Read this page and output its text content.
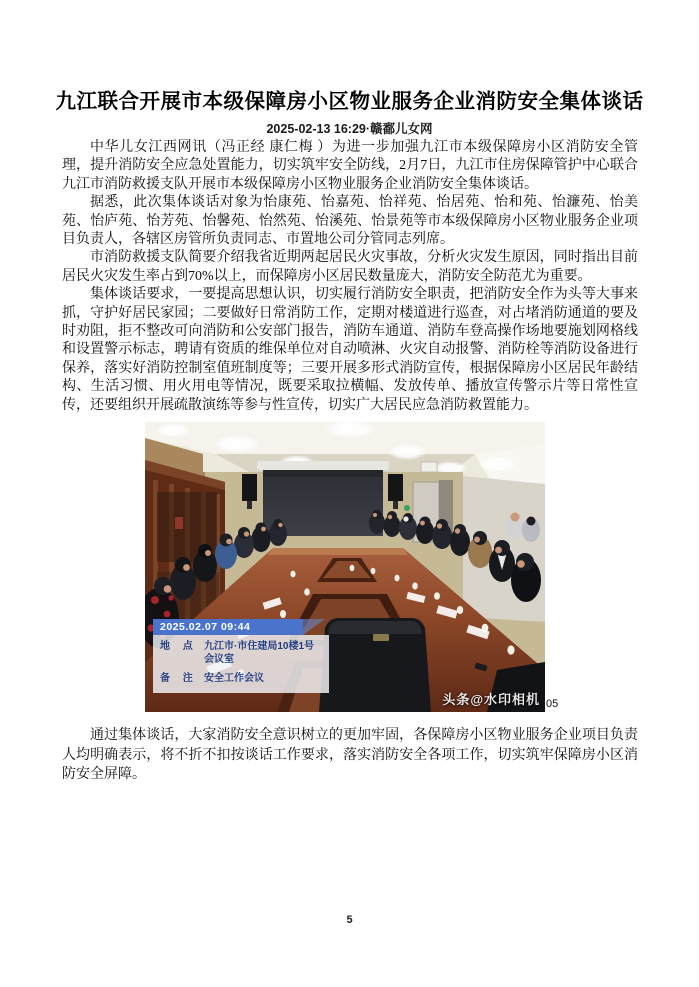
九江联合开展市本级保障房小区物业服务企业消防安全集体谈话
2025-02-13 16:29·赣鄱儿女网

中华儿女江西网讯（冯正经 康仁梅 ）为进一步加强九江市本级保障房小区消防安全管理，提升消防安全应急处置能力，切实筑牢安全防线，2月7日，九江市住房保障管护中心联合九江市消防救援支队开展市本级保障房小区物业服务企业消防安全集体谈话。

据悉，此次集体谈话对象为怡康苑、怡嘉苑、怡祥苑、怡居苑、怡和苑、怡濂苑、怡美苑、怡庐苑、怡芳苑、怡馨苑、怡然苑、怡溪苑、怡景苑等市本级保障房小区物业服务企业项目负责人，各辖区房管所负责同志、市置地公司分管同志列席。

市消防救援支队简要介绍我省近期两起居民火灾事故，分析火灾发生原因，同时指出目前居民火灾发生率占到70%以上，而保障房小区居民数量庞大，消防安全防范尤为重要。

集体谈话要求，一要提高思想认识，切实履行消防安全职责，把消防安全作为头等大事来抓，守护好居民家园；二要做好日常消防工作，定期对楼道进行巡查，对占堵消防通道的要及时劝阻，拒不整改可向消防和公安部门报告，消防车通道、消防车登高操作场地要施划网格线和设置警示标志，聘请有资质的维保单位对自动喷淋、火灾自动报警、消防栓等消防设备进行保养，落实好消防控制室值班制度等；三要开展多形式消防宣传，根据保障房小区居民年龄结构、生活习惯、用火用电等情况，既要采取拉横幅、发放传单、播放宣传警示片等日常性宣传，还要组织开展疏散演练等参与性宣传，切实广大居民应急消防救置能力。

2025.02.07 09:44
地　 点	九江市·市住建局10楼1号会议室
备　 注	安全工作会议
头条@水印相机 05

通过集体谈话，大家消防安全意识树立的更加牢固，各保障房小区物业服务企业项目负责人均明确表示，将不折不扣按谈话工作要求，落实消防安全各项工作，切实筑牢保障房小区消防安全屏障。

5
